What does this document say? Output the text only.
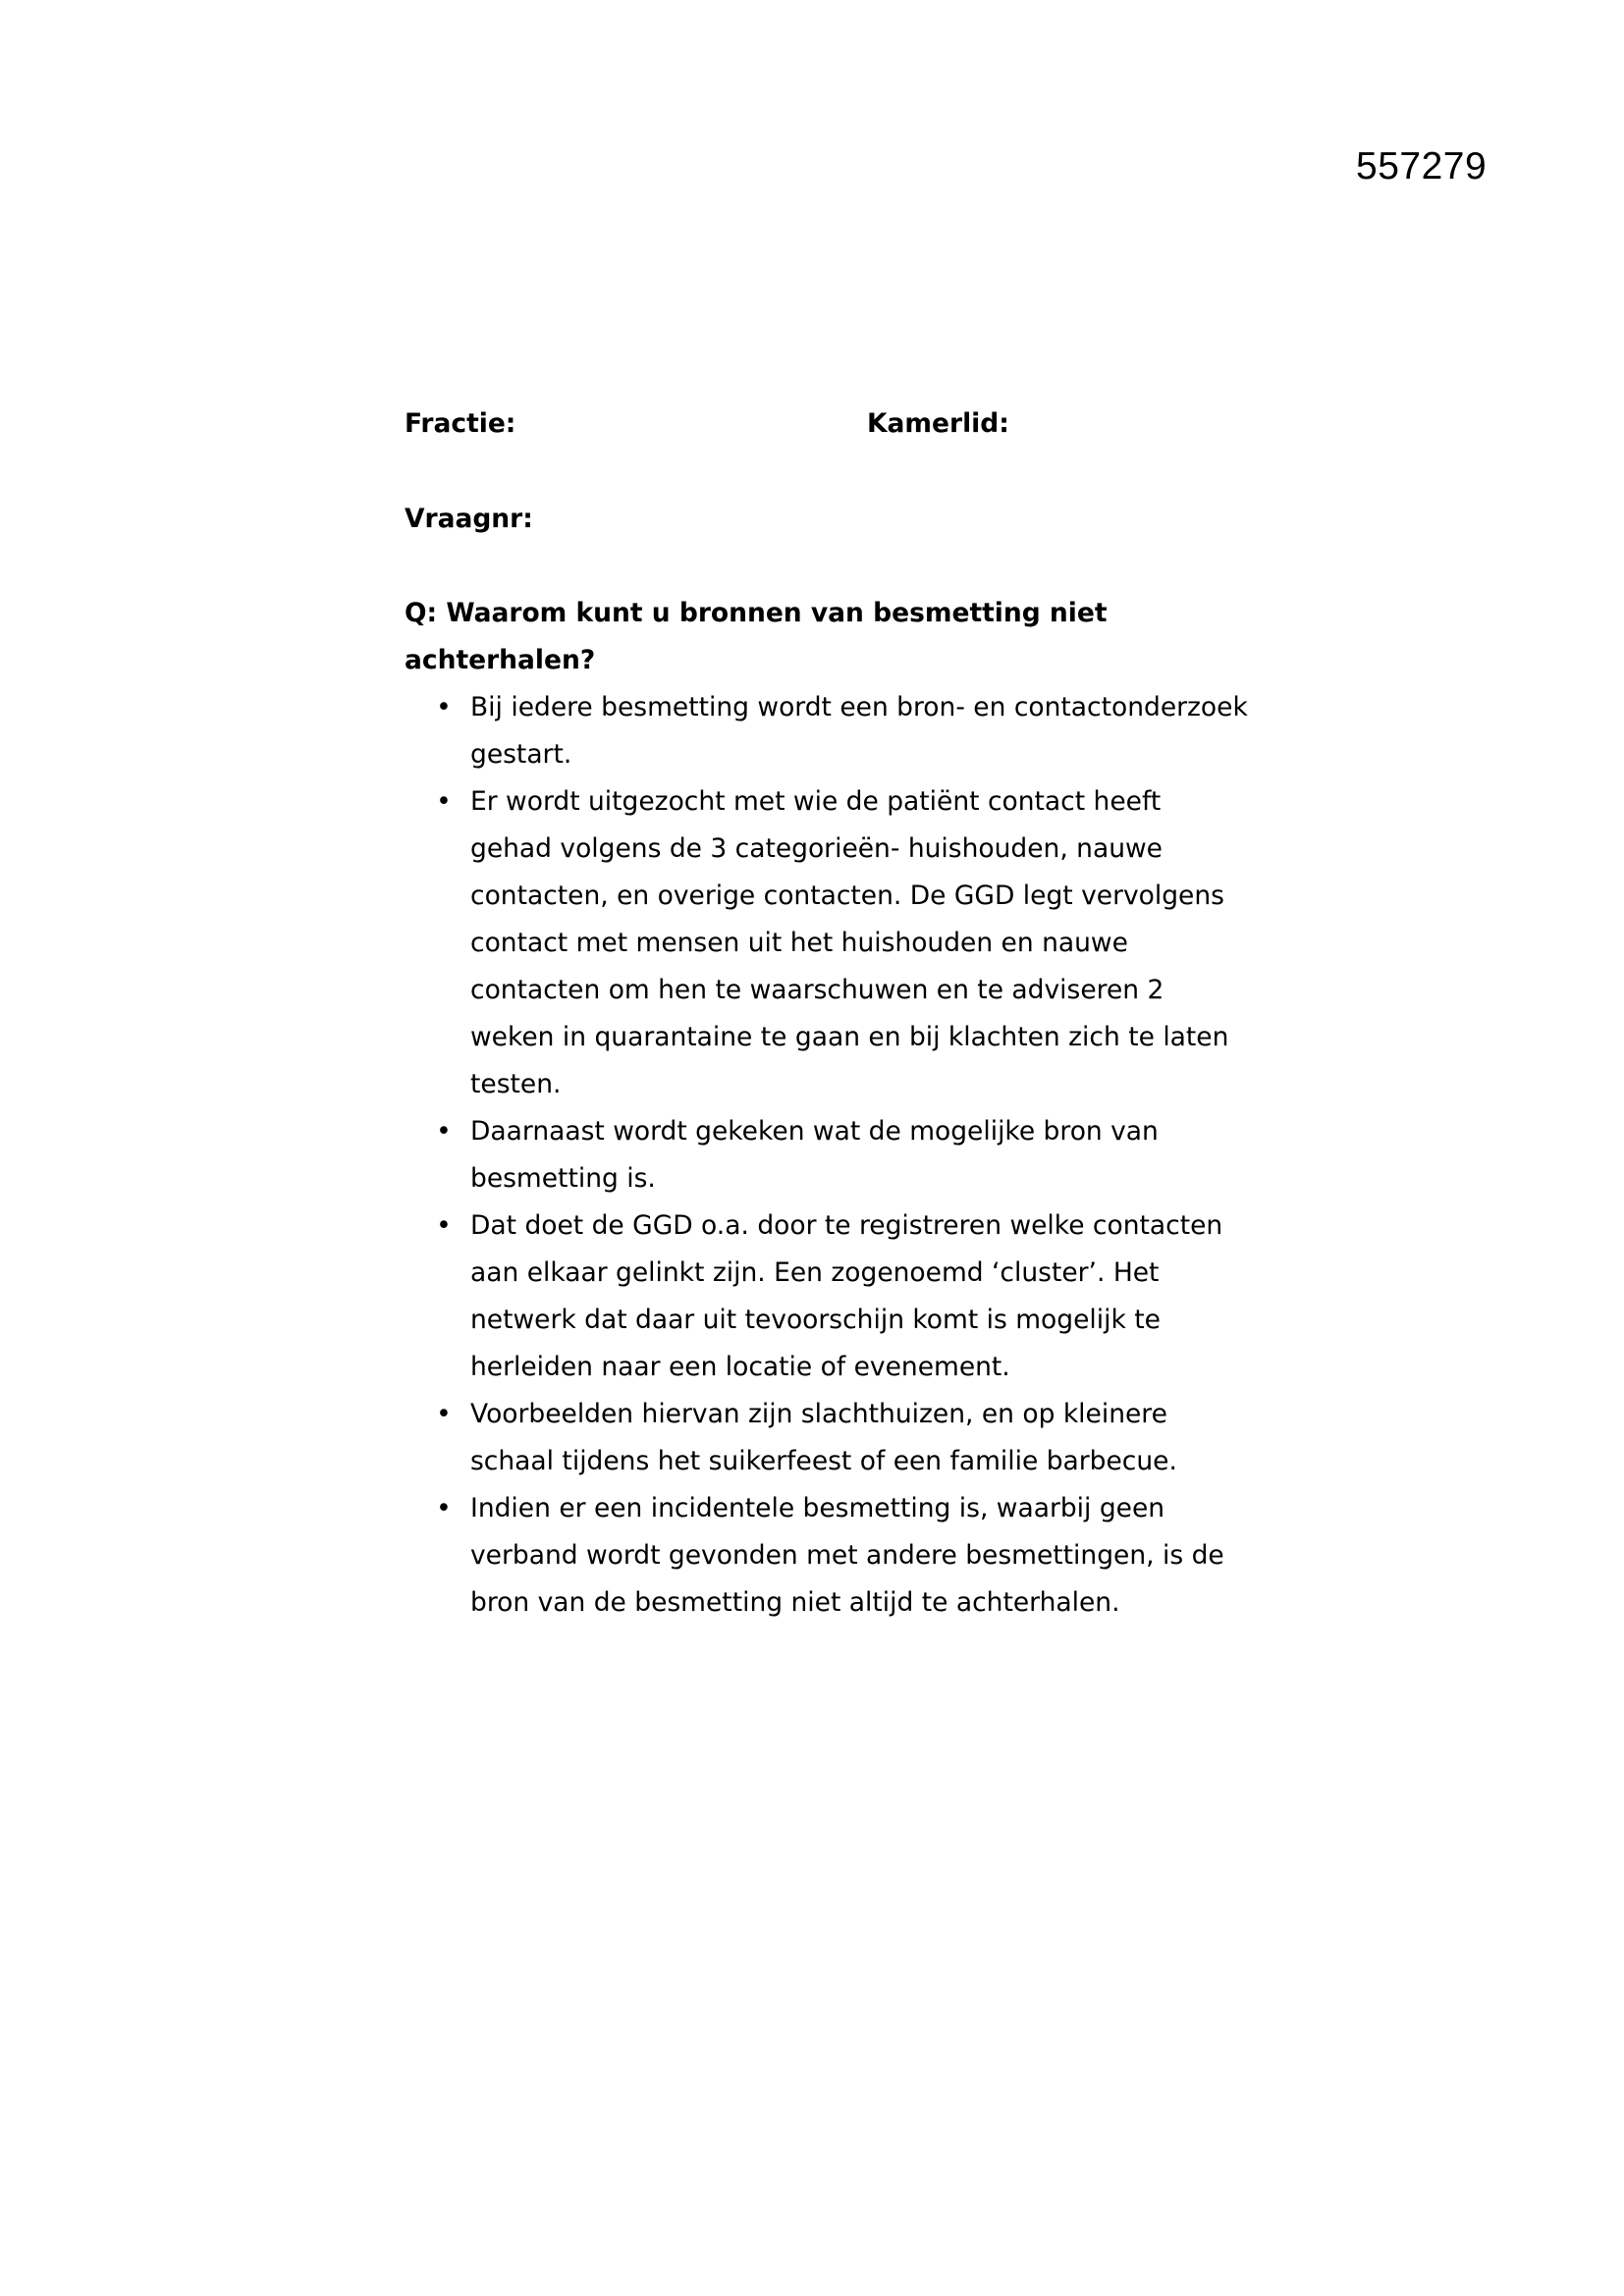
557279
Fractie:	Kamerlid:
Vraagnr:
Q: Waarom kunt u bronnen van besmetting niet achterhalen?
• Bij iedere besmetting wordt een bron- en contactonderzoek gestart.
• Er wordt uitgezocht met wie de patiënt contact heeft gehad volgens de 3 categorieën- huishouden, nauwe contacten, en overige contacten. De GGD legt vervolgens contact met mensen uit het huishouden en nauwe contacten om hen te waarschuwen en te adviseren 2 weken in quarantaine te gaan en bij klachten zich te laten testen.
• Daarnaast wordt gekeken wat de mogelijke bron van besmetting is.
• Dat doet de GGD o.a. door te registreren welke contacten aan elkaar gelinkt zijn. Een zogenoemd ‘cluster’. Het netwerk dat daar uit tevoorschijn komt is mogelijk te herleiden naar een locatie of evenement.
• Voorbeelden hiervan zijn slachthuizen, en op kleinere schaal tijdens het suikerfeest of een familie barbecue.
• Indien er een incidentele besmetting is, waarbij geen verband wordt gevonden met andere besmettingen, is de bron van de besmetting niet altijd te achterhalen.
